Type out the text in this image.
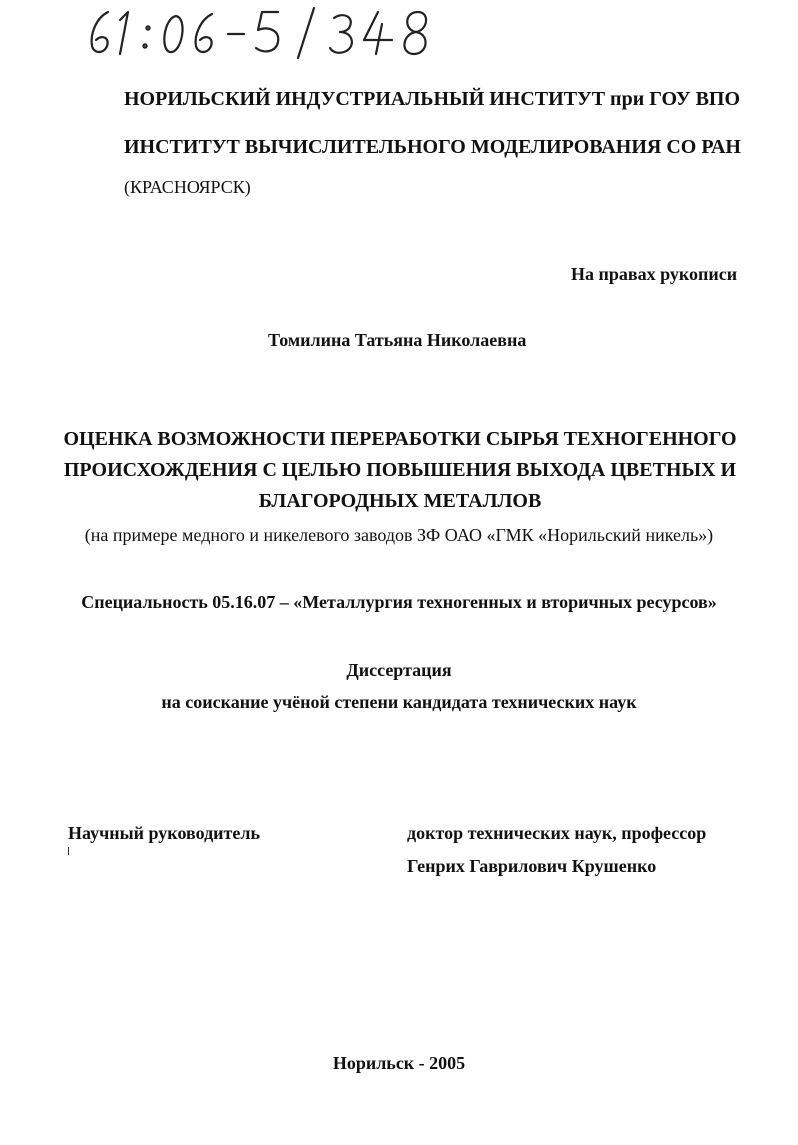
НОРИЛЬСКИЙ ИНДУСТРИАЛЬНЫЙ ИНСТИТУТ при ГОУ ВПО
ИНСТИТУТ ВЫЧИСЛИТЕЛЬНОГО МОДЕЛИРОВАНИЯ СО РАН
(КРАСНОЯРСК)
На правах рукописи
Томилина Татьяна Николаевна
ОЦЕНКА ВОЗМОЖНОСТИ ПЕРЕРАБОТКИ СЫРЬЯ ТЕХНОГЕННОГО
ПРОИСХОЖДЕНИЯ С ЦЕЛЬЮ ПОВЫШЕНИЯ ВЫХОДА ЦВЕТНЫХ И
БЛАГОРОДНЫХ МЕТАЛЛОВ
(на примере медного и никелевого заводов ЗФ ОАО «ГМК «Норильский никель»)
Специальность 05.16.07 – «Металлургия техногенных и вторичных ресурсов»
Диссертация
на соискание учёной степени кандидата технических наук
Научный руководитель	доктор технических наук, профессор
Генрих Гаврилович Крушенко
Норильск - 2005
